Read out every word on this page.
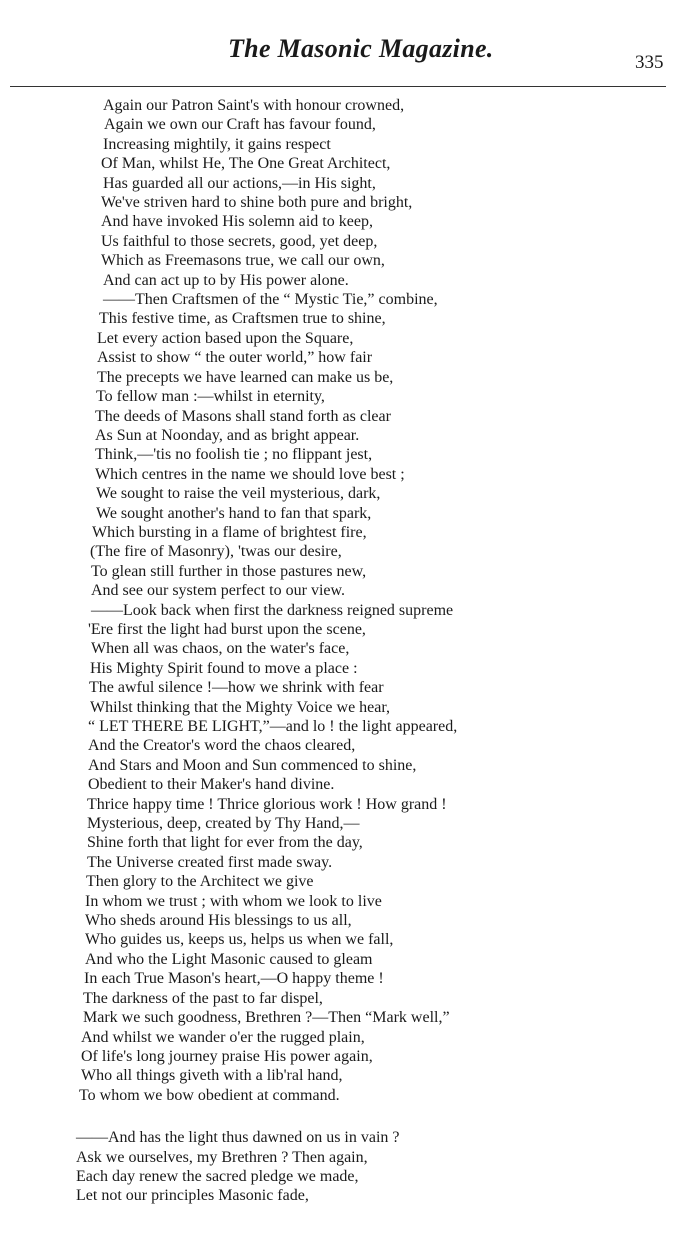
The Masonic Magazine.	335
Again our Patron Saint's with honour crowned,
Again we own our Craft has favour found,
Increasing mightily, it gains respect
Of Man, whilst He, The One Great Architect,
Has guarded all our actions,—in His sight,
We've striven hard to shine both pure and bright,
And have invoked His solemn aid to keep,
Us faithful to those secrets, good, yet deep,
Which as Freemasons true, we call our own,
And can act up to by His power alone.
——Then Craftsmen of the “ Mystic Tie,” combine,
This festive time, as Craftsmen true to shine,
Let every action based upon the Square,
Assist to show “ the outer world,” how fair
The precepts we have learned can make us be,
To fellow man :—whilst in eternity,
The deeds of Masons shall stand forth as clear
As Sun at Noonday, and as bright appear.
Think,—'tis no foolish tie ; no flippant jest,
Which centres in the name we should love best ;
We sought to raise the veil mysterious, dark,
We sought another's hand to fan that spark,
Which bursting in a flame of brightest fire,
(The fire of Masonry), 'twas our desire,
To glean still further in those pastures new,
And see our system perfect to our view.
——Look back when first the darkness reigned supreme
'Ere first the light had burst upon the scene,
When all was chaos, on the water's face,
His Mighty Spirit found to move a place :
The awful silence !—how we shrink with fear
Whilst thinking that the Mighty Voice we hear,
“ LET THERE BE LIGHT,”—and lo ! the light appeared,
And the Creator's word the chaos cleared,
And Stars and Moon and Sun commenced to shine,
Obedient to their Maker's hand divine.
Thrice happy time ! Thrice glorious work ! How grand !
Mysterious, deep, created by Thy Hand,—
Shine forth that light for ever from the day,
The Universe created first made sway.
Then glory to the Architect we give
In whom we trust ; with whom we look to live
Who sheds around His blessings to us all,
Who guides us, keeps us, helps us when we fall,
And who the Light Masonic caused to gleam
In each True Mason's heart,—O happy theme !
The darkness of the past to far dispel,
Mark we such goodness, Brethren ?—Then “Mark well,”
And whilst we wander o'er the rugged plain,
Of life's long journey praise His power again,
Who all things giveth with a lib'ral hand,
To whom we bow obedient at command.
——And has the light thus dawned on us in vain ?
Ask we ourselves, my Brethren ? Then again,
Each day renew the sacred pledge we made,
Let not our principles Masonic fade,
